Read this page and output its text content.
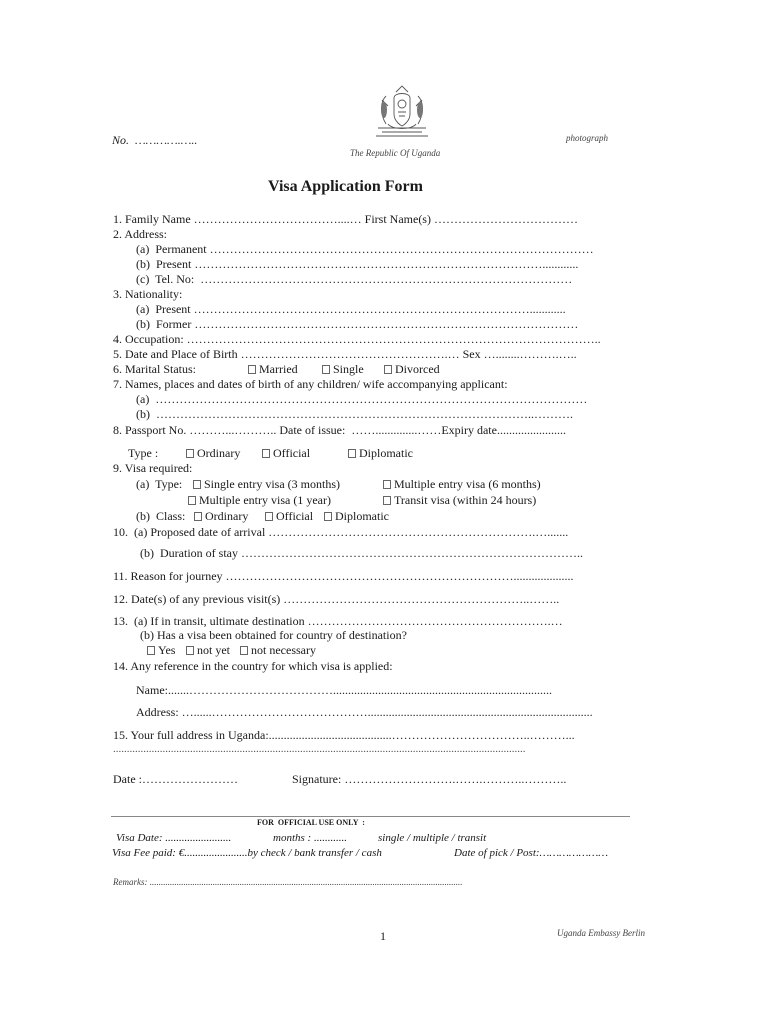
No. ………….…..	photograph
The Republic Of Uganda
Visa Application Form
1. Family Name ………………………………....… First Name(s) ………………………………
2. Address:
(a)  Permanent ……………………………………………………………………………………
(b)  Present ……………………………………………………………………………............
(c)  Tel. No:  …………………………………………………………………………………
3. Nationality:
(a)  Present …………………………………………………………………………............
(b)  Former ……………………………………………………………………………………
4. Occupation: …………………………………………………………………………………………..
5. Date and Place of Birth …………………………………………….… Sex …........……….…..
6. Marital Status:	Married	Single	Divorced
7. Names, places and dates of birth of any children/ wife accompanying applicant:
(a)  ………………………………………………………………………………………………
(b)  …………………………………………………………………………………..……….
8. Passport No. ………...……….. Date of issue:  ……..............……Expiry date.......................
Type :	Ordinary	Official	Diplomatic
9. Visa required:
(a)  Type:	Single entry visa (3 months)	Multiple entry visa (6 months)
Multiple entry visa (1 year)	Transit visa (within 24 hours)
(b)  Class:	Ordinary	Official	Diplomatic
10.  (a) Proposed date of arrival ………………………………………………………….….......
(b)  Duration of stay …………………………………………………………………………..
11. Reason for journey ………………………………………………………………....................
12. Date(s) of any previous visit(s) ……………………………………………………..……..
13.  (a) If in transit, ultimate destination …………………………………………………….…
(b) Has a visa been obtained for country of destination?
Yes	not yet	not necessary
14. Any reference in the country for which visa is applied:
Name:.......……………………………….........................................................................
Address: …......…………………………………...........................................................................
15. Your full address in Uganda:.........................................……………………………..………...
......................................................................................................................................................
Date :……………………	Signature: ……………………….…….………..………..
FOR  OFFICIAL USE ONLY  :
Visa Date: ........................	months : ............	single / multiple / transit
Visa Fee paid: €.......................by check / bank transfer / cash	Date of pick / Post:…………………
Remarks: ...........................................................................................................................................
1	Uganda Embassy Berlin
